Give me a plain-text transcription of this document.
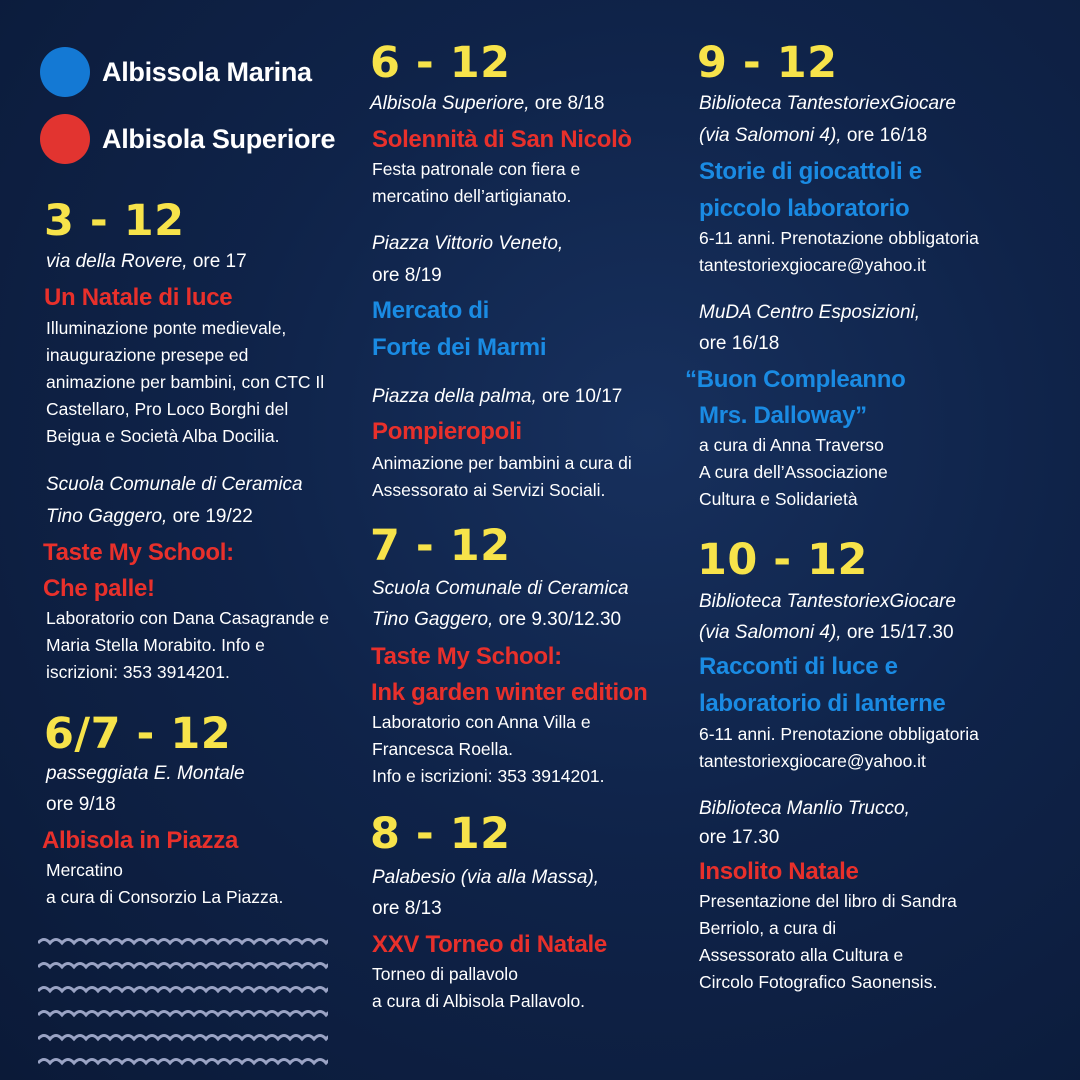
Albissola Marina
Albisola Superiore
3 - 12
via della Rovere, ore 17
Un Natale di luce
Illuminazione ponte medievale,
inaugurazione presepe ed
animazione per bambini, con CTC Il
Castellaro, Pro Loco Borghi del
Beigua e Società Alba Docilia.
Scuola Comunale di Ceramica
Tino Gaggero, ore 19/22
Taste My School:
Che palle!
Laboratorio con Dana Casagrande e
Maria Stella Morabito. Info e
iscrizioni: 353 3914201.
6/7 - 12
passeggiata E. Montale
ore 9/18
Albisola in Piazza
Mercatino
a cura di Consorzio La Piazza.
6 - 12
Albisola Superiore, ore 8/18
Solennità di San Nicolò
Festa patronale con fiera e
mercatino dell’artigianato.
Piazza Vittorio Veneto,
ore 8/19
Mercato di
Forte dei Marmi
Piazza della palma, ore 10/17
Pompieropoli
Animazione per bambini a cura di
Assessorato ai Servizi Sociali.
7 - 12
Scuola Comunale di Ceramica
Tino Gaggero, ore 9.30/12.30
Taste My School:
Ink garden winter edition
Laboratorio con Anna Villa e
Francesca Roella.
Info e iscrizioni: 353 3914201.
8 - 12
Palabesio (via alla Massa),
ore 8/13
XXV Torneo di Natale
Torneo di pallavolo
a cura di Albisola Pallavolo.
9 - 12
Biblioteca TantestoriexGiocare
(via Salomoni 4), ore 16/18
Storie di giocattoli e
piccolo laboratorio
6-11 anni. Prenotazione obbligatoria
tantestoriexgiocare@yahoo.it
MuDA Centro Esposizioni,
ore 16/18
“Buon Compleanno
Mrs. Dalloway”
a cura di Anna Traverso
A cura dell’Associazione
Cultura e Solidarietà
10 - 12
Biblioteca TantestoriexGiocare
(via Salomoni 4), ore 15/17.30
Racconti di luce e
laboratorio di lanterne
6-11 anni. Prenotazione obbligatoria
tantestoriexgiocare@yahoo.it
Biblioteca Manlio Trucco,
ore 17.30
Insolito Natale
Presentazione del libro di Sandra
Berriolo, a cura di
Assessorato alla Cultura e
Circolo Fotografico Saonensis.
